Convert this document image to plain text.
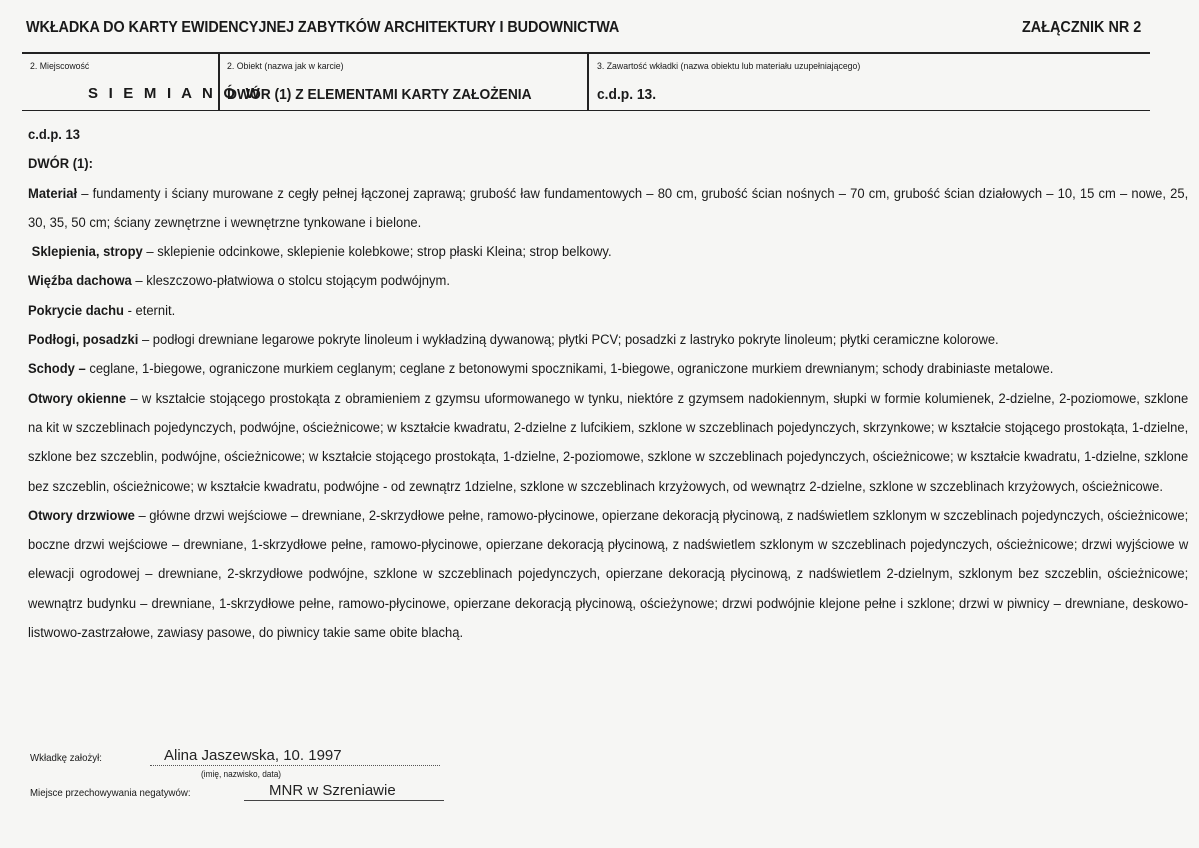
WKŁADKA DO KARTY EWIDENCYJNEJ ZABYTKÓW ARCHITEKTURY I BUDOWNICTWA	ZAŁĄCZNIK NR 2
2. Miejscowość
S I E M I A N Ó W
2. Obiekt (nazwa jak w karcie)
DWÓR (1) Z ELEMENTAMI KARTY ZAŁOŻENIA
3. Zawartość wkładki (nazwa obiektu lub materiału uzupełniającego)
c.d.p. 13.

c.d.p. 13

DWÓR (1):

Materiał – fundamenty i ściany murowane z cegły pełnej łączonej zaprawą; grubość ław fundamentowych – 80 cm, grubość ścian nośnych – 70 cm, grubość ścian działowych – 10, 15 cm – nowe, 25, 30, 35, 50 cm; ściany zewnętrzne i wewnętrzne tynkowane i bielone.

Sklepienia, stropy – sklepienie odcinkowe, sklepienie kolebkowe; strop płaski Kleina; strop belkowy.

Więźba dachowa – kleszczowo-płatwiowa o stolcu stojącym podwójnym.

Pokrycie dachu - eternit.

Podłogi, posadzki – podłogi drewniane legarowe pokryte linoleum i wykładziną dywanową; płytki PCV; posadzki z lastryko pokryte linoleum; płytki ceramiczne kolorowe.

Schody – ceglane, 1-biegowe, ograniczone murkiem ceglanym; ceglane z betonowymi spocznikami, 1-biegowe, ograniczone murkiem drewnianym; schody drabiniaste metalowe.

Otwory okienne – w kształcie stojącego prostokąta z obramieniem z gzymsu uformowanego w tynku, niektóre z gzymsem nadokiennym, słupki w formie kolumienek, 2-dzielne, 2-poziomowe, szklone na kit w szczeblinach pojedynczych, podwójne, ościeżnicowe; w kształcie kwadratu, 2-dzielne z lufcikiem, szklone w szczeblinach pojedynczych, skrzynkowe; w kształcie stojącego prostokąta, 1-dzielne, szklone bez szczeblin, podwójne, ościeżnicowe; w kształcie stojącego prostokąta, 1-dzielne, 2-poziomowe, szklone w szczeblinach pojedynczych, ościeżnicowe; w kształcie kwadratu, 1-dzielne, szklone bez szczeblin, ościeżnicowe; w kształcie kwadratu, podwójne - od zewnątrz 1dzielne, szklone w szczeblinach krzyżowych, od wewnątrz 2-dzielne, szklone w szczeblinach krzyżowych, ościeżnicowe.

Otwory drzwiowe – główne drzwi wejściowe – drewniane, 2-skrzydłowe pełne, ramowo-płycinowe, opierzane dekoracją płycinową, z nadświetlem szklonym w szczeblinach pojedynczych, ościeżnicowe; boczne drzwi wejściowe – drewniane, 1-skrzydłowe pełne, ramowo-płycinowe, opierzane dekoracją płycinową, z nadświetlem szklonym w szczeblinach pojedynczych, ościeżnicowe; drzwi wyjściowe w elewacji ogrodowej – drewniane, 2-skrzydłowe podwójne, szklone w szczeblinach pojedynczych, opierzane dekoracją płycinową, z nadświetlem 2-dzielnym, szklonym bez szczeblin, ościeżnicowe; wewnątrz budynku – drewniane, 1-skrzydłowe pełne, ramowo-płycinowe, opierzane dekoracją płycinową, ościeżynowe; drzwi podwójnie klejone pełne i szklone; drzwi w piwnicy – drewniane, deskowo-listwowo-zastrzałowe, zawiasy pasowe, do piwnicy takie same obite blachą.

Wkładkę założył:	Alina Jaszewska, 10. 1997
(imię, nazwisko, data)
Miejsce przechowywania negatywów:	MNR w Szreniawie
